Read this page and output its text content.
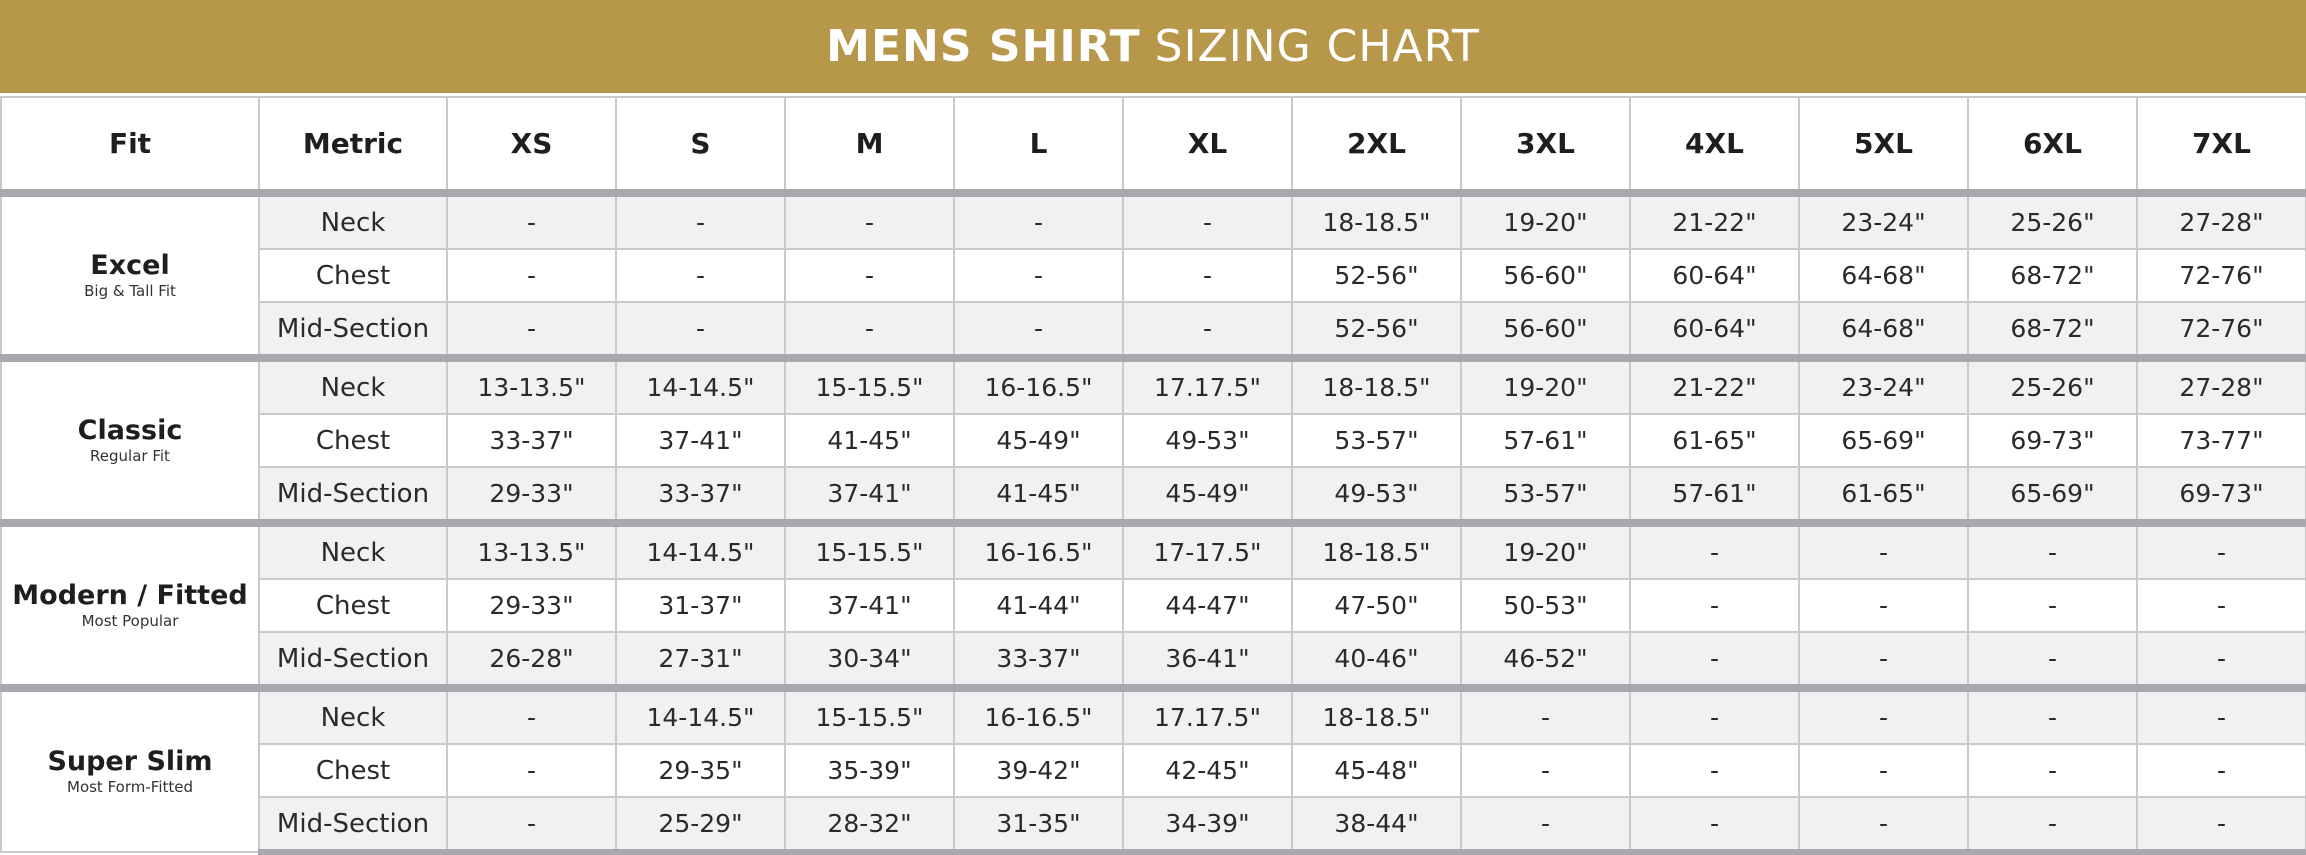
MENS SHIRT SIZING CHART
Fit	Metric	XS	S	M	L	XL	2XL	3XL	4XL	5XL	6XL	7XL

Excel
Big & Tall Fit	Neck	-	-	-	-	-	18-18.5"	19-20"	21-22"	23-24"	25-26"	27-28"
	Chest	-	-	-	-	-	52-56"	56-60"	60-64"	64-68"	68-72"	72-76"
	Mid-Section	-	-	-	-	-	52-56"	56-60"	60-64"	64-68"	68-72"	72-76"

Classic
Regular Fit	Neck	13-13.5"	14-14.5"	15-15.5"	16-16.5"	17.17.5"	18-18.5"	19-20"	21-22"	23-24"	25-26"	27-28"
	Chest	33-37"	37-41"	41-45"	45-49"	49-53"	53-57"	57-61"	61-65"	65-69"	69-73"	73-77"
	Mid-Section	29-33"	33-37"	37-41"	41-45"	45-49"	49-53"	53-57"	57-61"	61-65"	65-69"	69-73"

Modern / Fitted
Most Popular	Neck	13-13.5"	14-14.5"	15-15.5"	16-16.5"	17-17.5"	18-18.5"	19-20"	-	-	-	-
	Chest	29-33"	31-37"	37-41"	41-44"	44-47"	47-50"	50-53"	-	-	-	-
	Mid-Section	26-28"	27-31"	30-34"	33-37"	36-41"	40-46"	46-52"	-	-	-	-

Super Slim
Most Form-Fitted	Neck	-	14-14.5"	15-15.5"	16-16.5"	17.17.5"	18-18.5"	-	-	-	-	-
	Chest	-	29-35"	35-39"	39-42"	42-45"	45-48"	-	-	-	-	-
	Mid-Section	-	25-29"	28-32"	31-35"	34-39"	38-44"	-	-	-	-	-
